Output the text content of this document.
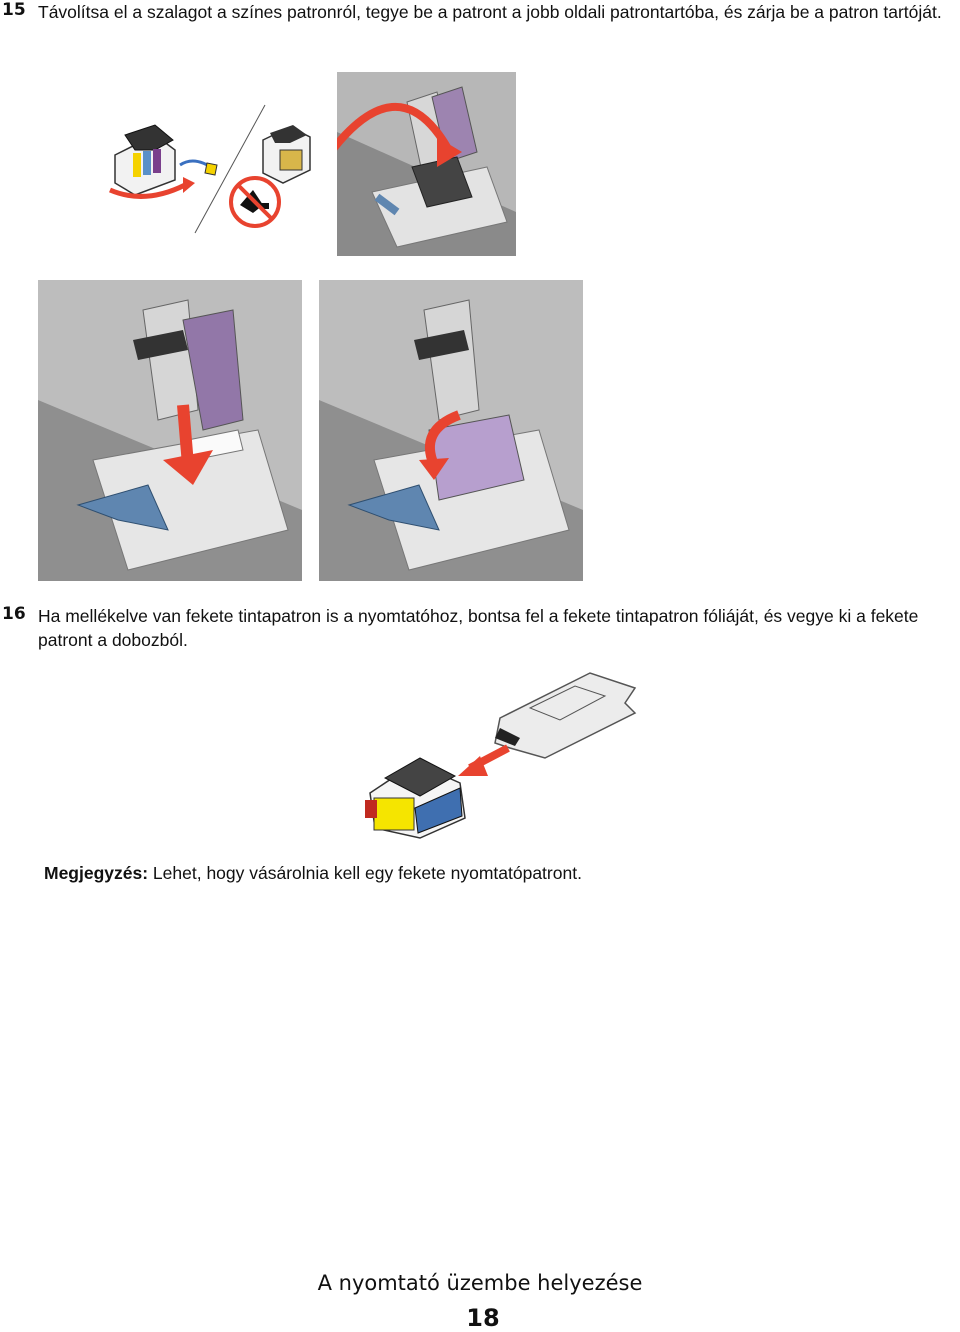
15 Távolítsa el a szalagot a színes patronról, tegye be a patront a jobb oldali patrontartóba, és zárja be a patron tartóját.
16 Ha mellékelve van fekete tintapatron is a nyomtatóhoz, bontsa fel a fekete tintapatron fóliáját, és vegye ki a fekete patront a dobozból.
Megjegyzés: Lehet, hogy vásárolnia kell egy fekete nyomtatópatront.
A nyomtató üzembe helyezése
18
